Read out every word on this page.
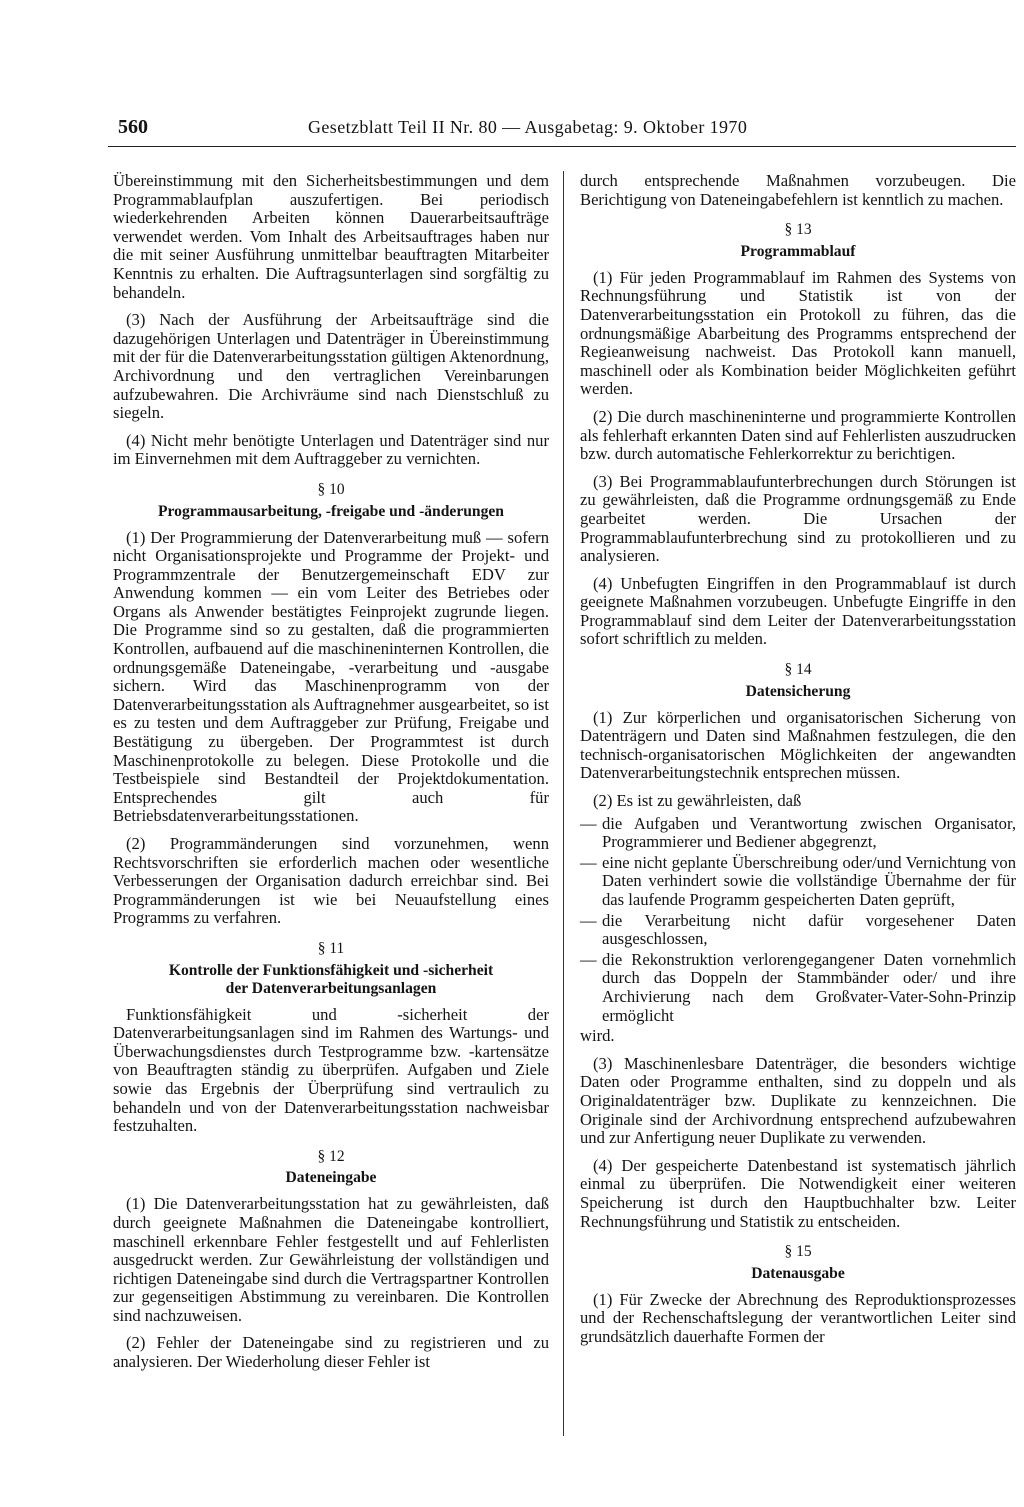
560	Gesetzblatt Teil II Nr. 80 — Ausgabetag: 9. Oktober 1970

Übereinstimmung mit den Sicherheitsbestimmungen und dem Programmablaufplan auszufertigen. Bei periodisch wiederkehrenden Arbeiten können Dauerarbeitsaufträge verwendet werden. Vom Inhalt des Arbeitsauftrages haben nur die mit seiner Ausführung unmittelbar beauftragten Mitarbeiter Kenntnis zu erhalten. Die Auftragsunterlagen sind sorgfältig zu behandeln.

(3) Nach der Ausführung der Arbeitsaufträge sind die dazugehörigen Unterlagen und Datenträger in Übereinstimmung mit der für die Datenverarbeitungsstation gültigen Aktenordnung, Archivordnung und den vertraglichen Vereinbarungen aufzubewahren. Die Archivräume sind nach Dienstschluß zu siegeln.

(4) Nicht mehr benötigte Unterlagen und Datenträger sind nur im Einvernehmen mit dem Auftraggeber zu vernichten.

§ 10
Programmausarbeitung, -freigabe und -änderungen

(1) Der Programmierung der Datenverarbeitung muß — sofern nicht Organisationsprojekte und Programme der Projekt- und Programmzentrale der Benutzergemeinschaft EDV zur Anwendung kommen — ein vom Leiter des Betriebes oder Organs als Anwender bestätigtes Feinprojekt zugrunde liegen. Die Programme sind so zu gestalten, daß die programmierten Kontrollen, aufbauend auf die maschineninternen Kontrollen, die ordnungsgemäße Dateneingabe, -verarbeitung und -ausgabe sichern. Wird das Maschinenprogramm von der Datenverarbeitungsstation als Auftragnehmer ausgearbeitet, so ist es zu testen und dem Auftraggeber zur Prüfung, Freigabe und Bestätigung zu übergeben. Der Programmtest ist durch Maschinenprotokolle zu belegen. Diese Protokolle und die Testbeispiele sind Bestandteil der Projektdokumentation. Entsprechendes gilt auch für Betriebsdatenverarbeitungsstationen.

(2) Programmänderungen sind vorzunehmen, wenn Rechtsvorschriften sie erforderlich machen oder wesentliche Verbesserungen der Organisation dadurch erreichbar sind. Bei Programmänderungen ist wie bei Neuaufstellung eines Programms zu verfahren.

§ 11
Kontrolle der Funktionsfähigkeit und -sicherheit
der Datenverarbeitungsanlagen

Funktionsfähigkeit und -sicherheit der Datenverarbeitungsanlagen sind im Rahmen des Wartungs- und Überwachungsdienstes durch Testprogramme bzw. -kartensätze von Beauftragten ständig zu überprüfen. Aufgaben und Ziele sowie das Ergebnis der Überprüfung sind vertraulich zu behandeln und von der Datenverarbeitungsstation nachweisbar festzuhalten.

§ 12
Dateneingabe

(1) Die Datenverarbeitungsstation hat zu gewährleisten, daß durch geeignete Maßnahmen die Dateneingabe kontrolliert, maschinell erkennbare Fehler festgestellt und auf Fehlerlisten ausgedruckt werden. Zur Gewährleistung der vollständigen und richtigen Dateneingabe sind durch die Vertragspartner Kontrollen zur gegenseitigen Abstimmung zu vereinbaren. Die Kontrollen sind nachzuweisen.

(2) Fehler der Dateneingabe sind zu registrieren und zu analysieren. Der Wiederholung dieser Fehler ist

durch entsprechende Maßnahmen vorzubeugen. Die Berichtigung von Dateneingabefehlern ist kenntlich zu machen.

§ 13
Programmablauf

(1) Für jeden Programmablauf im Rahmen des Systems von Rechnungsführung und Statistik ist von der Datenverarbeitungsstation ein Protokoll zu führen, das die ordnungsmäßige Abarbeitung des Programms entsprechend der Regieanweisung nachweist. Das Protokoll kann manuell, maschinell oder als Kombination beider Möglichkeiten geführt werden.

(2) Die durch maschineninterne und programmierte Kontrollen als fehlerhaft erkannten Daten sind auf Fehlerlisten auszudrucken bzw. durch automatische Fehlerkorrektur zu berichtigen.

(3) Bei Programmablaufunterbrechungen durch Störungen ist zu gewährleisten, daß die Programme ordnungsgemäß zu Ende gearbeitet werden. Die Ursachen der Programmablaufunterbrechung sind zu protokollieren und zu analysieren.

(4) Unbefugten Eingriffen in den Programmablauf ist durch geeignete Maßnahmen vorzubeugen. Unbefugte Eingriffe in den Programmablauf sind dem Leiter der Datenverarbeitungsstation sofort schriftlich zu melden.

§ 14
Datensicherung

(1) Zur körperlichen und organisatorischen Sicherung von Datenträgern und Daten sind Maßnahmen festzulegen, die den technisch-organisatorischen Möglichkeiten der angewandten Datenverarbeitungstechnik entsprechen müssen.

(2) Es ist zu gewährleisten, daß

— die Aufgaben und Verantwortung zwischen Organisator, Programmierer und Bediener abgegrenzt,
— eine nicht geplante Überschreibung oder/und Vernichtung von Daten verhindert sowie die vollständige Übernahme der für das laufende Programm gespeicherten Daten geprüft,
— die Verarbeitung nicht dafür vorgesehener Daten ausgeschlossen,
— die Rekonstruktion verlorengegangener Daten vornehmlich durch das Doppeln der Stammbänder oder/ und ihre Archivierung nach dem Großvater-Vater-Sohn-Prinzip ermöglicht

wird.

(3) Maschinenlesbare Datenträger, die besonders wichtige Daten oder Programme enthalten, sind zu doppeln und als Originaldatenträger bzw. Duplikate zu kennzeichnen. Die Originale sind der Archivordnung entsprechend aufzubewahren und zur Anfertigung neuer Duplikate zu verwenden.

(4) Der gespeicherte Datenbestand ist systematisch jährlich einmal zu überprüfen. Die Notwendigkeit einer weiteren Speicherung ist durch den Hauptbuchhalter bzw. Leiter Rechnungsführung und Statistik zu entscheiden.

§ 15
Datenausgabe

(1) Für Zwecke der Abrechnung des Reproduktionsprozesses und der Rechenschaftslegung der verantwortlichen Leiter sind grundsätzlich dauerhafte Formen der
